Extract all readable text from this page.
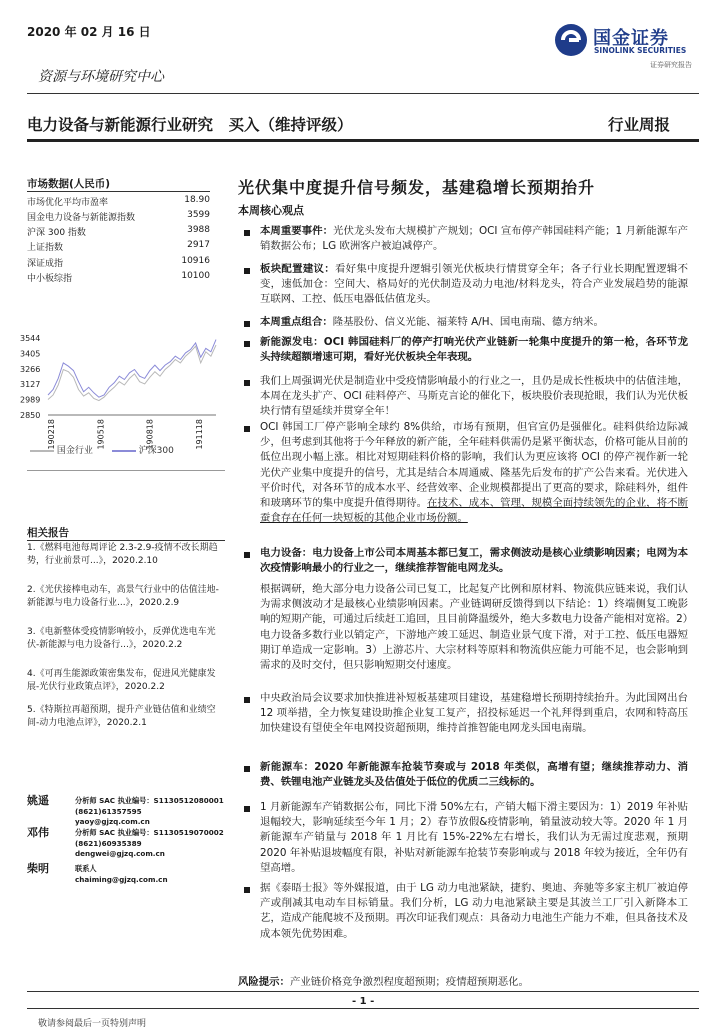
2020 年 02 月 16 日	国金证券
SINOLINK SECURITIES
证券研究报告
资源与环境研究中心
电力设备与新能源行业研究　买入（维持评级）	行业周报
市场数据(人民币)
市场优化平均市盈率	18.90
国金电力设备与新能源指数	3599
沪深 300 指数	3988
上证指数	2917
深证成指	10916
中小板综指	10100
3544
3405
3266
3127
2989
2850
190218	190518	190818	191118
国金行业	沪深300
相关报告
1.《燃料电池每周评论 2.3-2.9-疫情不改长期趋势，行业前景可...》，2020.2.10
2.《光伏接棒电动车，高景气行业中的估值洼地-新能源与电力设备行业...》，2020.2.9
3.《电新整体受疫情影响较小，反弹优选电车光伏-新能源与电力设备行...》，2020.2.2
4.《可再生能源政策密集发布，促进风光健康发展-光伏行业政策点评》，2020.2.2
5.《特斯拉再超预期，提升产业链估值和业绩空间-动力电池点评》，2020.2.1
姚遥	分析师 SAC 执业编号：S1130512080001
(8621)61357595
yaoy@gjzq.com.cn
邓伟	分析师 SAC 执业编号：S1130519070002
(8621)60935389
dengwei@gjzq.com.cn
柴明	联系人
chaiming@gjzq.com.cn
光伏集中度提升信号频发，基建稳增长预期抬升
本周核心观点
本周重要事件：光伏龙头发布大规模扩产规划；OCI 宣布停产韩国硅料产能；1 月新能源车产销数据公布；LG 欧洲客户被迫减停产。
板块配置建议：看好集中度提升逻辑引领光伏板块行情贯穿全年；各子行业长期配置逻辑不变，速低加仓：空间大、格局好的光伏制造及动力电池/材料龙头，符合产业发展趋势的能源互联网、工控、低压电器低估值龙头。
本周重点组合：隆基股份、信义光能、福莱特 A/H、国电南瑞、德方纳米。
新能源发电：OCI 韩国硅料厂的停产打响光伏产业链新一轮集中度提升的第一枪，各环节龙头持续超额增速可期，看好光伏板块全年表现。
我们上周强调光伏是制造业中受疫情影响最小的行业之一，且仍是成长性板块中的估值洼地，本周在龙头扩产、OCI 硅料停产、马斯克言论的催化下，板块股价表现抢眼，我们认为光伏板块行情有望延续并贯穿全年！
OCI 韩国工厂停产影响全球约 8%供给，市场有预期，但官宣仍是强催化。硅料供给边际减少，但考虑到其他将于今年释放的新产能，全年硅料供需仍是紧平衡状态，价格可能从目前的低位出现小幅上涨。相比对短期硅料价格的影响，我们认为更应该将 OCI 的停产视作新一轮光伏产业集中度提升的信号，尤其是结合本周通威、隆基先后发布的扩产公告来看。光伏进入平价时代，对各环节的成本水平、经营效率、企业规模都提出了更高的要求，除硅料外，组件和玻璃环节的集中度提升值得期待。在技术、成本、管理、规模全面持续领先的企业，将不断蚕食存在任何一块短板的其他企业市场份额。
电力设备：电力设备上市公司本周基本都已复工，需求侧波动是核心业绩影响因素；电网为本次疫情影响最小的行业之一，继续推荐智能电网龙头。
根据调研，绝大部分电力设备公司已复工，比起复产比例和原材料、物流供应链来说，我们认为需求侧波动才是最核心业绩影响因素。产业链调研反馈得到以下结论：1）终端侧复工晚影响的短期产能，可通过后续赶工追回，且目前降温缓外，绝大多数电力设备产能相对宽裕。2）电力设备多数行业以销定产，下游地产竣工延迟、制造业景气度下滑，对于工控、低压电器短期订单造成一定影响。3）上游芯片、大宗材料等原料和物流供应能力可能不足，也会影响到需求的及时交付，但只影响短期交付速度。
中央政治局会议要求加快推进补短板基建项目建设，基建稳增长预期持续抬升。为此国网出台 12 项举措，全力恢复建设助推企业复工复产，招投标延迟一个礼拜得到重启，农网和特高压加快建设有望使全年电网投资超预期，维持首推智能电网龙头国电南瑞。
新能源车：2020 年新能源车抢装节奏或与 2018 年类似，高增有望；继续推荐动力、消费、铁锂电池产业链龙头及估值处于低位的优质二三线标的。
1 月新能源车产销数据公布，同比下滑 50%左右，产销大幅下滑主要因为：1）2019 年补贴退幅较大，影响延续至今年 1 月；2）春节放假&疫情影响，销量波动较大等。2020 年 1 月新能源车产销量与 2018 年 1 月比有 15%-22%左右增长，我们认为无需过度悲观，预期 2020 年补贴退坡幅度有限，补贴对新能源车抢装节奏影响或与 2018 年较为接近，全年仍有望高增。
据《泰晤士报》等外媒报道，由于 LG 动力电池紧缺，捷豹、奥迪、奔驰等多家主机厂被迫停产或削减其电动车目标销量。我们分析，LG 动力电池紧缺主要是其波兰工厂引入新降本工艺，造成产能爬坡不及预期。再次印证我们观点：具备动力电池生产能力不难，但具备技术及成本领先优势困难。
风险提示：产业链价格竞争激烈程度超预期；疫情超预期恶化。
- 1 -
敬请参阅最后一页特别声明
